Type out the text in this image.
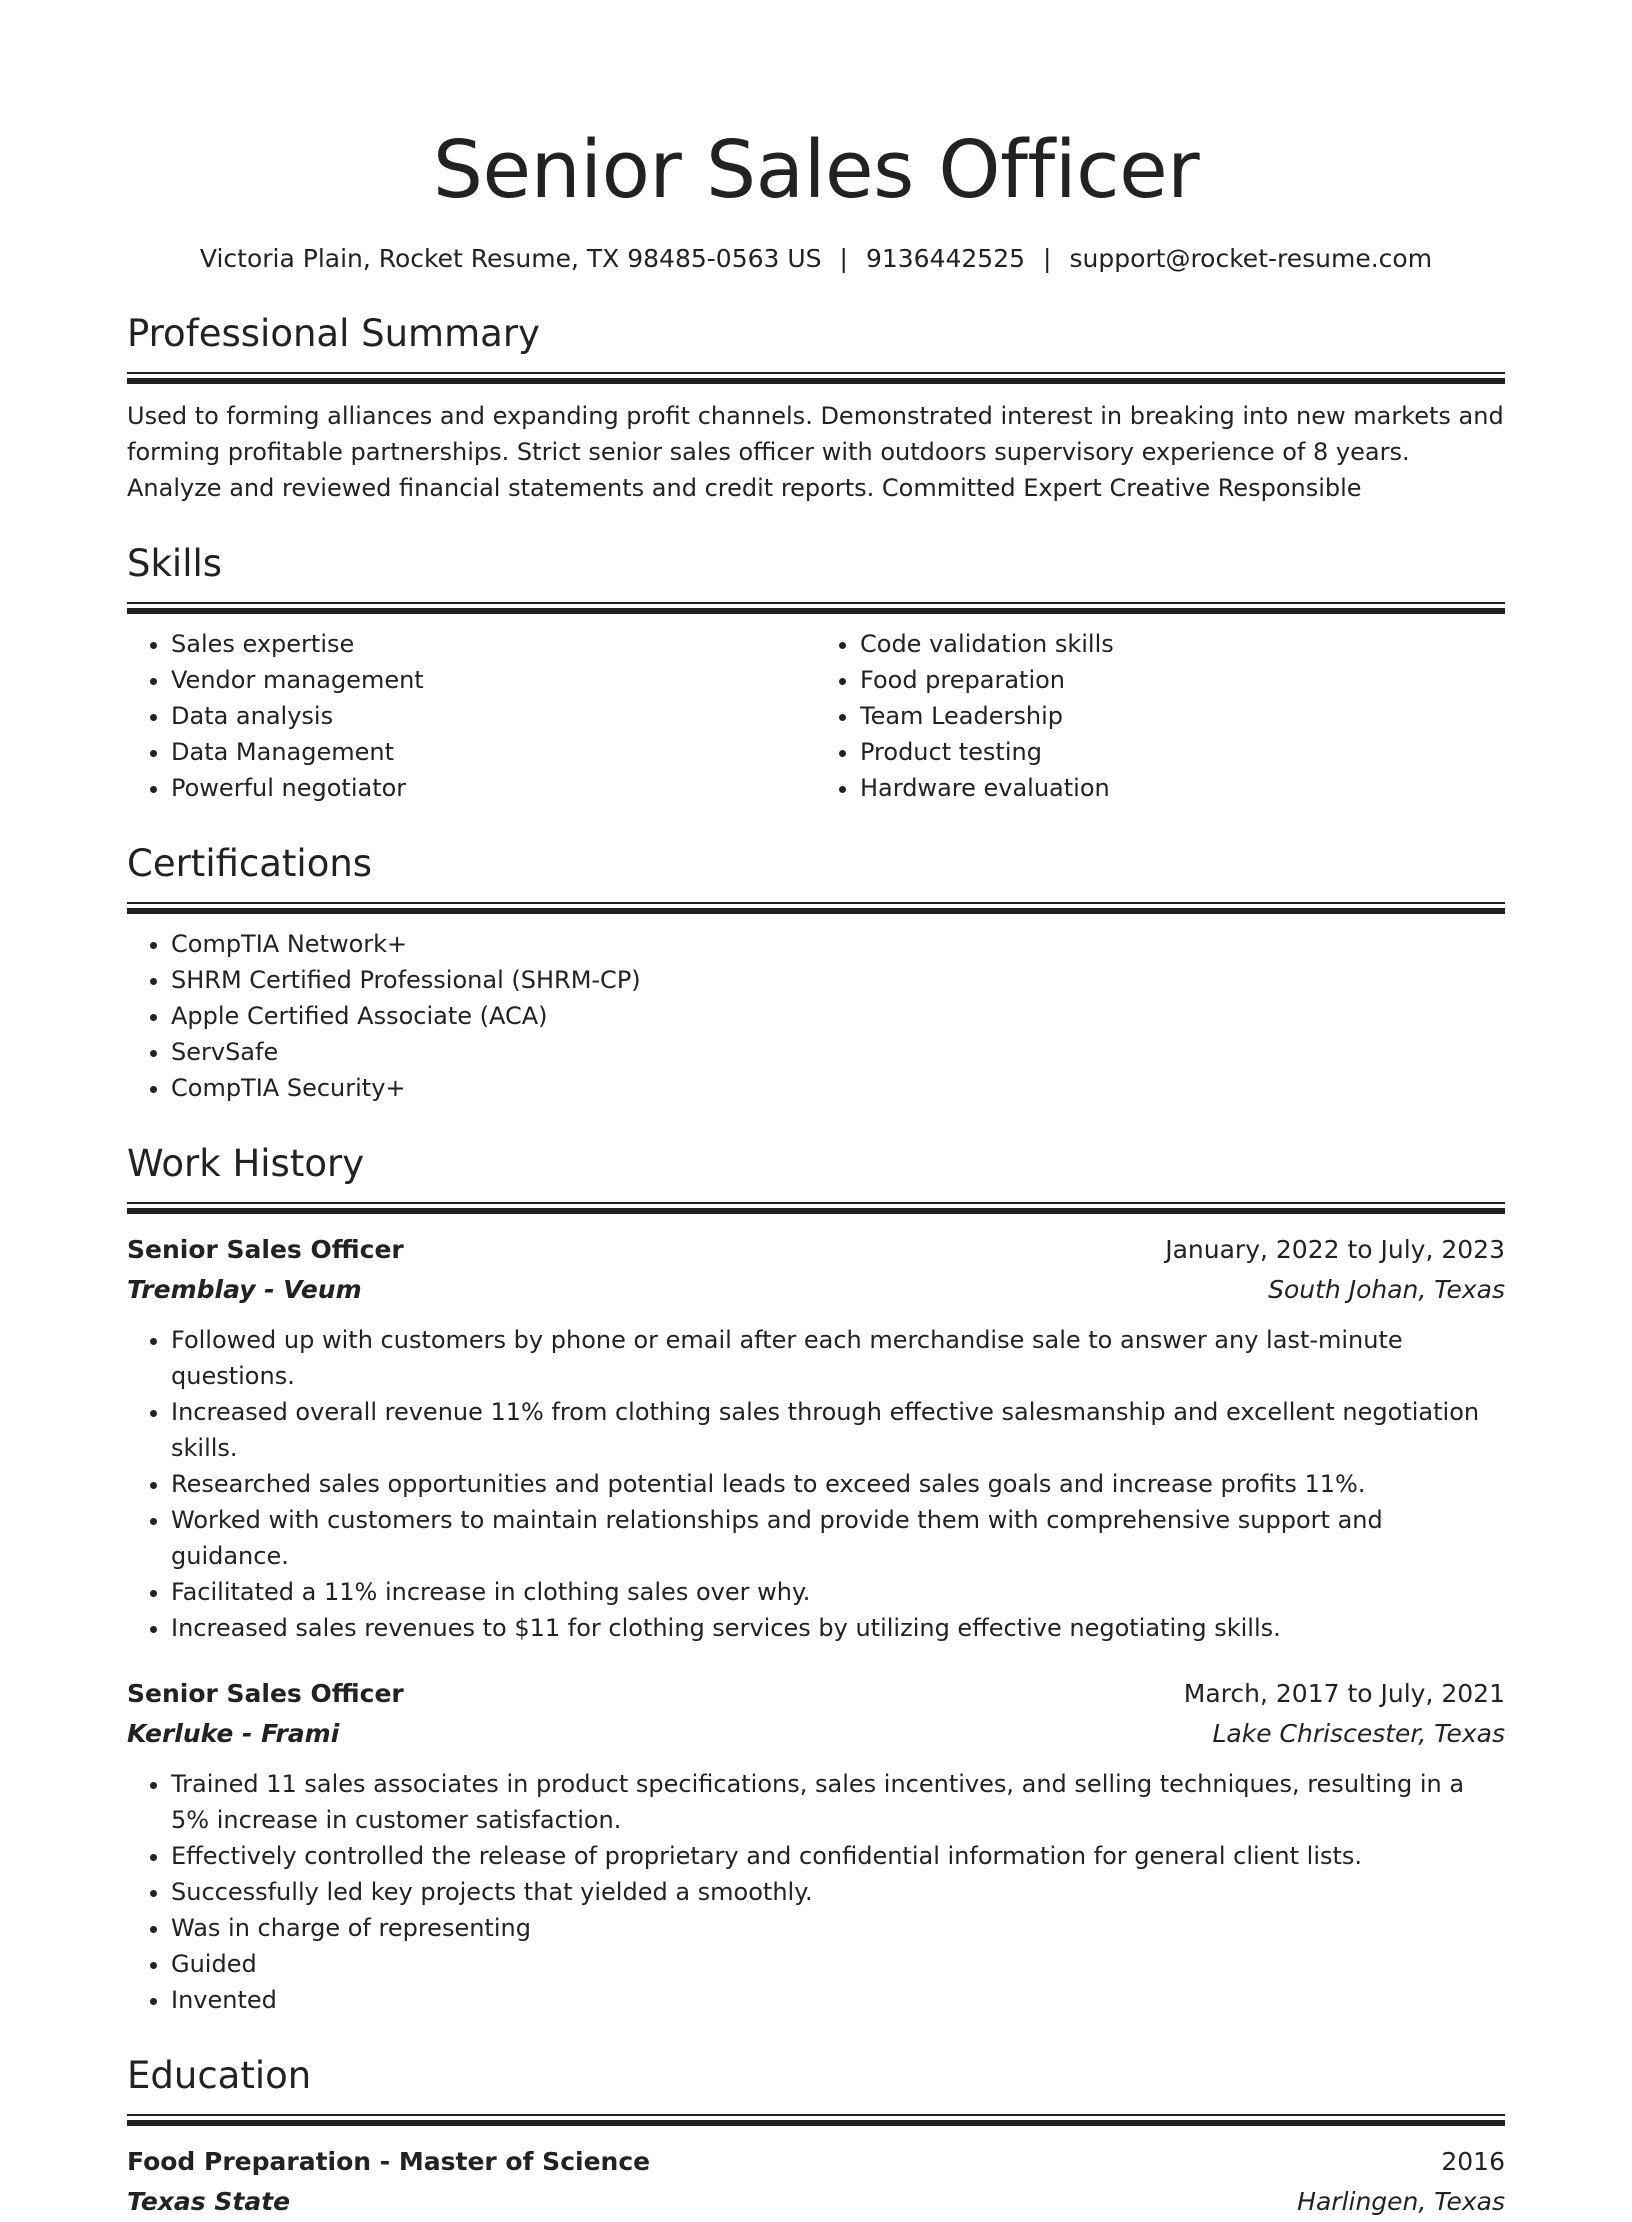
Senior Sales Officer
Victoria Plain, Rocket Resume, TX 98485-0563 US | 9136442525 | support@rocket-resume.com
Professional Summary

Used to forming alliances and expanding profit channels. Demonstrated interest in breaking into new markets and forming profitable partnerships. Strict senior sales officer with outdoors supervisory experience of 8 years. Analyze and reviewed financial statements and credit reports. Committed Expert Creative Responsible

Skills
• Sales expertise
• Vendor management
• Data analysis
• Data Management
• Powerful negotiator
• Code validation skills
• Food preparation
• Team Leadership
• Product testing
• Hardware evaluation
Certifications
• CompTIA Network+
• SHRM Certified Professional (SHRM-CP)
• Apple Certified Associate (ACA)
• ServSafe
• CompTIA Security+
Work History
Senior Sales Officer	January, 2022 to July, 2023
Tremblay - Veum	South Johan, Texas
• Followed up with customers by phone or email after each merchandise sale to answer any last-minute questions.
• Increased overall revenue 11% from clothing sales through effective salesmanship and excellent negotiation skills.
• Researched sales opportunities and potential leads to exceed sales goals and increase profits 11%.
• Worked with customers to maintain relationships and provide them with comprehensive support and guidance.
• Facilitated a 11% increase in clothing sales over why.
• Increased sales revenues to $11 for clothing services by utilizing effective negotiating skills.
Senior Sales Officer	March, 2017 to July, 2021
Kerluke - Frami	Lake Chriscester, Texas
• Trained 11 sales associates in product specifications, sales incentives, and selling techniques, resulting in a 5% increase in customer satisfaction.
• Effectively controlled the release of proprietary and confidential information for general client lists.
• Successfully led key projects that yielded a smoothly.
• Was in charge of representing
• Guided
• Invented
Education
Food Preparation - Master of Science	2016
Texas State	Harlingen, Texas
